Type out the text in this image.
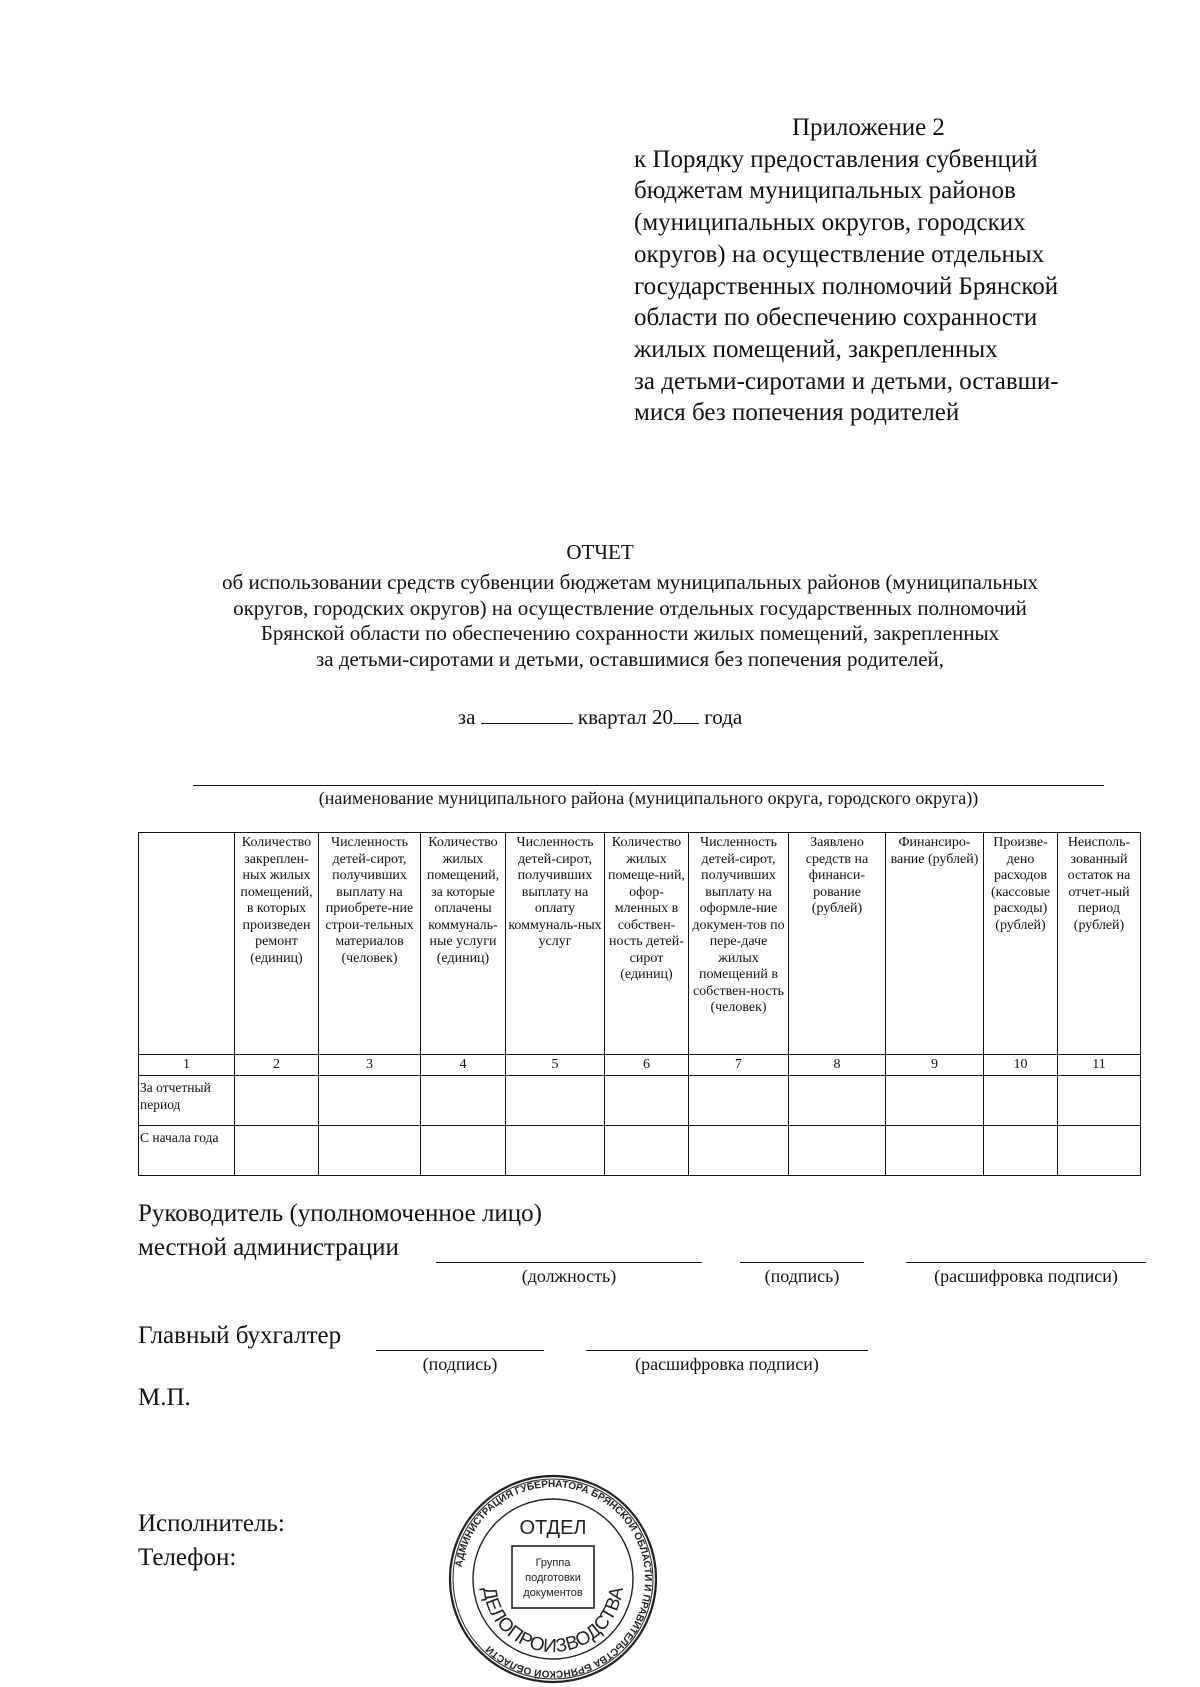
Приложение 2
к Порядку предоставления субвенций
бюджетам муниципальных районов
(муниципальных округов, городских
округов) на осуществление отдельных
государственных полномочий Брянской
области по обеспечению сохранности
жилых помещений, закрепленных
за детьми-сиротами и детьми, оставши-
мися без попечения родителей
ОТЧЕТ
об использовании средств субвенции бюджетам муниципальных районов (муниципальных
округов, городских округов) на осуществление отдельных государственных полномочий
Брянской области по обеспечению сохранности жилых помещений, закрепленных
за детьми-сиротами и детьми, оставшимися без попечения родителей,
за	квартал 20 года
(наименование муниципального района (муниципального округа, городского округа))
	Количество закреплен-ных жилых помещений, в которых произведен ремонт (единиц)	Численность детей-сирот, получивших выплату на приобрете-ние строи-тельных материалов (человек)	Количество жилых помещений, за которые оплачены коммуналь-ные услуги (единиц)	Численность детей-сирот, получивших выплату на оплату коммуналь-ных услуг	Количество жилых помеще-ний, офор-мленных в собствен-ность детей-сирот (единиц)	Численность детей-сирот, получивших выплату на оформле-ние докумен-тов по пере-даче жилых помещений в собствен-ность (человек)	Заявлено средств на финанси-рование (рублей)	Финансиро-вание (рублей)	Произве-дено расходов (кассовые расходы) (рублей)	Неисполь-зованный остаток на отчет-ный период (рублей)
1	2	3	4	5	6	7	8	9	10	11
За отчетный период										
С начала года										
Руководитель (уполномоченное лицо)
местной администрации
(должность)	(подпись)	(расшифровка подписи)
Главный бухгалтер
(подпись)	(расшифровка подписи)
М.П.
Исполнитель:
Телефон:	АДМИНИСТРАЦИЯ ГУБЕРНАТОРА БРЯНСКОЙ ОБЛАСТИ И ПРАВИТЕЛЬСТВА БРЯНСКОЙ ОБЛАСТИ
ОТДЕЛ
ДЕЛОПРОИЗВОДСТВА
Группа
подготовки
документов
